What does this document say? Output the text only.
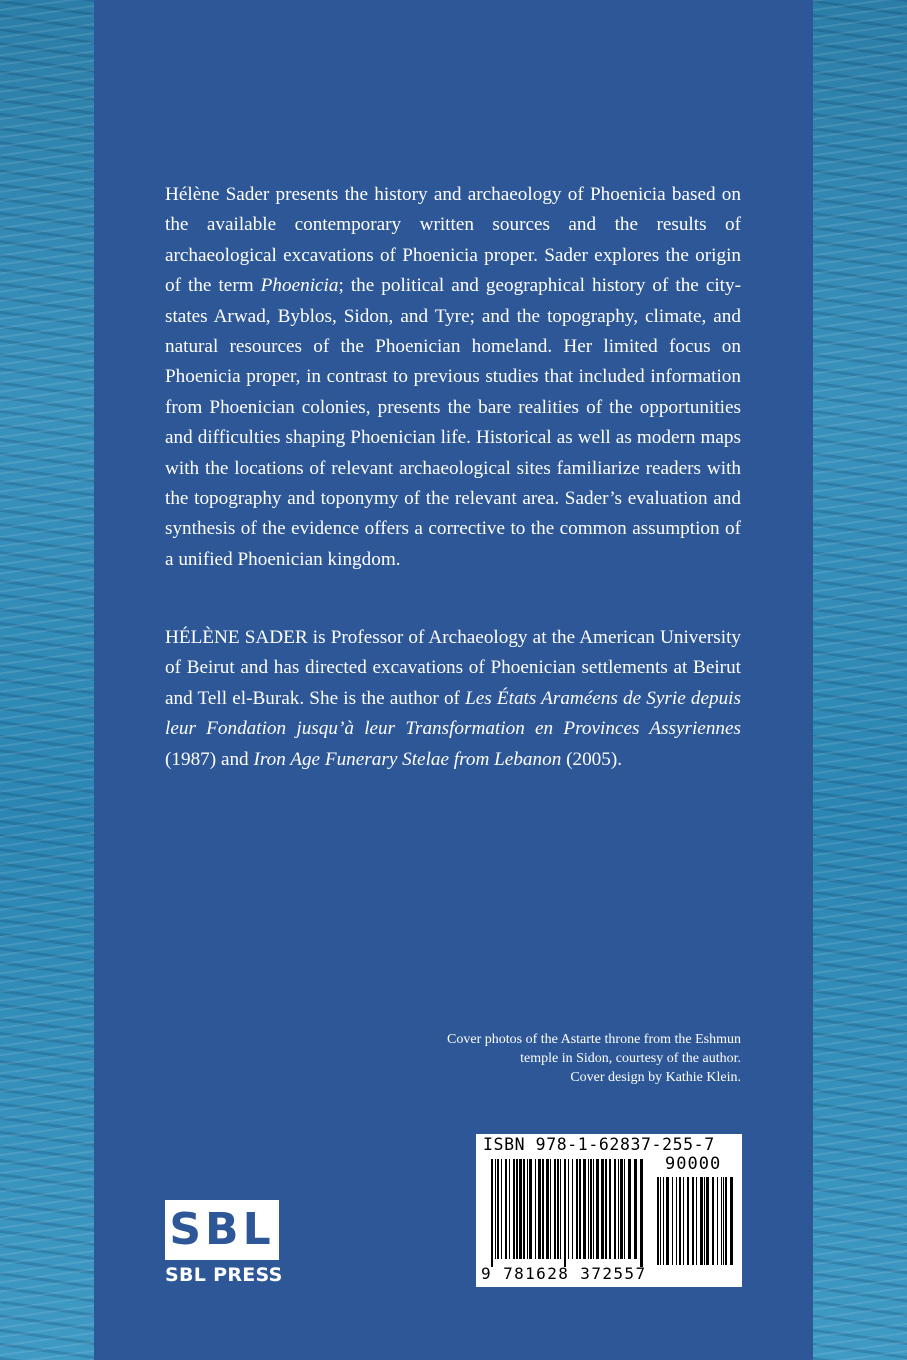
Hélène Sader presents the history and archaeology of Phoenicia based on the available contemporary written sources and the results of archaeological excavations of Phoenicia proper. Sader explores the origin of the term Phoenicia; the political and geographical history of the city-states Arwad, Byblos, Sidon, and Tyre; and the topography, climate, and natural resources of the Phoenician homeland. Her limited focus on Phoenicia proper, in contrast to previous studies that included information from Phoenician colonies, presents the bare realities of the opportunities and difficulties shaping Phoenician life. Historical as well as modern maps with the locations of relevant archaeological sites familiarize readers with the topography and toponymy of the relevant area. Sader’s evaluation and synthesis of the evidence offers a corrective to the common assumption of a unified Phoenician kingdom.

HÉLÈNE SADER is Professor of Archaeology at the American University of Beirut and has directed excavations of Phoenician settlements at Beirut and Tell el-Burak. She is the author of Les États Araméens de Syrie depuis leur Fondation jusqu’à leur Transformation en Provinces Assyriennes (1987) and Iron Age Funerary Stelae from Lebanon (2005).

Cover photos of the Astarte throne from the Eshmun
temple in Sidon, courtesy of the author.
Cover design by Kathie Klein.

ISBN 978-1-62837-255-7
90000
9 781628 372557
SBL
SBL PRESS
